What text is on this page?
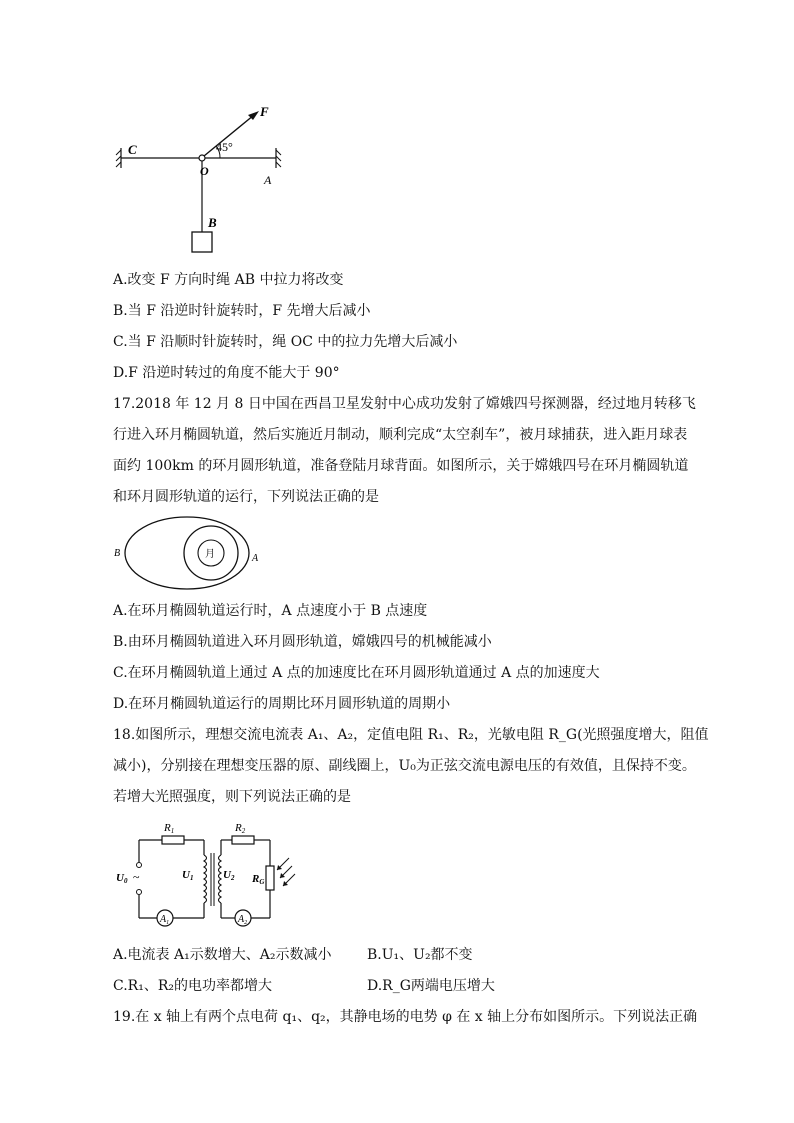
F
C
O
A
B
45°
A.改变 F 方向时绳 AB 中拉力将改变
B.当 F 沿逆时针旋转时，F 先增大后减小
C.当 F 沿顺时针旋转时，绳 OC 中的拉力先增大后减小
D.F 沿逆时转过的角度不能大于 90°
17.2018 年 12 月 8 日中国在西昌卫星发射中心成功发射了嫦娥四号探测器，经过地月转移飞
行进入环月椭圆轨道，然后实施近月制动，顺利完成“太空刹车”，被月球捕获，进入距月球表
面约 100km 的环月圆形轨道，准备登陆月球背面。如图所示，关于嫦娥四号在环月椭圆轨道
和环月圆形轨道的运行，下列说法正确的是
B	A
月
A.在环月椭圆轨道运行时，A 点速度小于 B 点速度
B.由环月椭圆轨道进入环月圆形轨道，嫦娥四号的机械能减小
C.在环月椭圆轨道上通过 A 点的加速度比在环月圆形轨道通过 A 点的加速度大
D.在环月椭圆轨道运行的周期比环月圆形轨道的周期小
18.如图所示，理想交流电流表 A₁、A₂，定值电阻 R₁、R₂，光敏电阻 R_G(光照强度增大，阻值
减小)，分别接在理想变压器的原、副线圈上，U₀为正弦交流电源电压的有效值，且保持不变。
若增大光照强度，则下列说法正确的是
R1	R2
U0 ~	U1	U2 RG
$A_1$	$A_2$
A.电流表 A₁示数增大、A₂示数减小	B.U₁、U₂都不变
C.R₁、R₂的电功率都增大	D.R_G两端电压增大
19.在 x 轴上有两个点电荷 q₁、q₂，其静电场的电势 φ 在 x 轴上分布如图所示。下列说法正确
